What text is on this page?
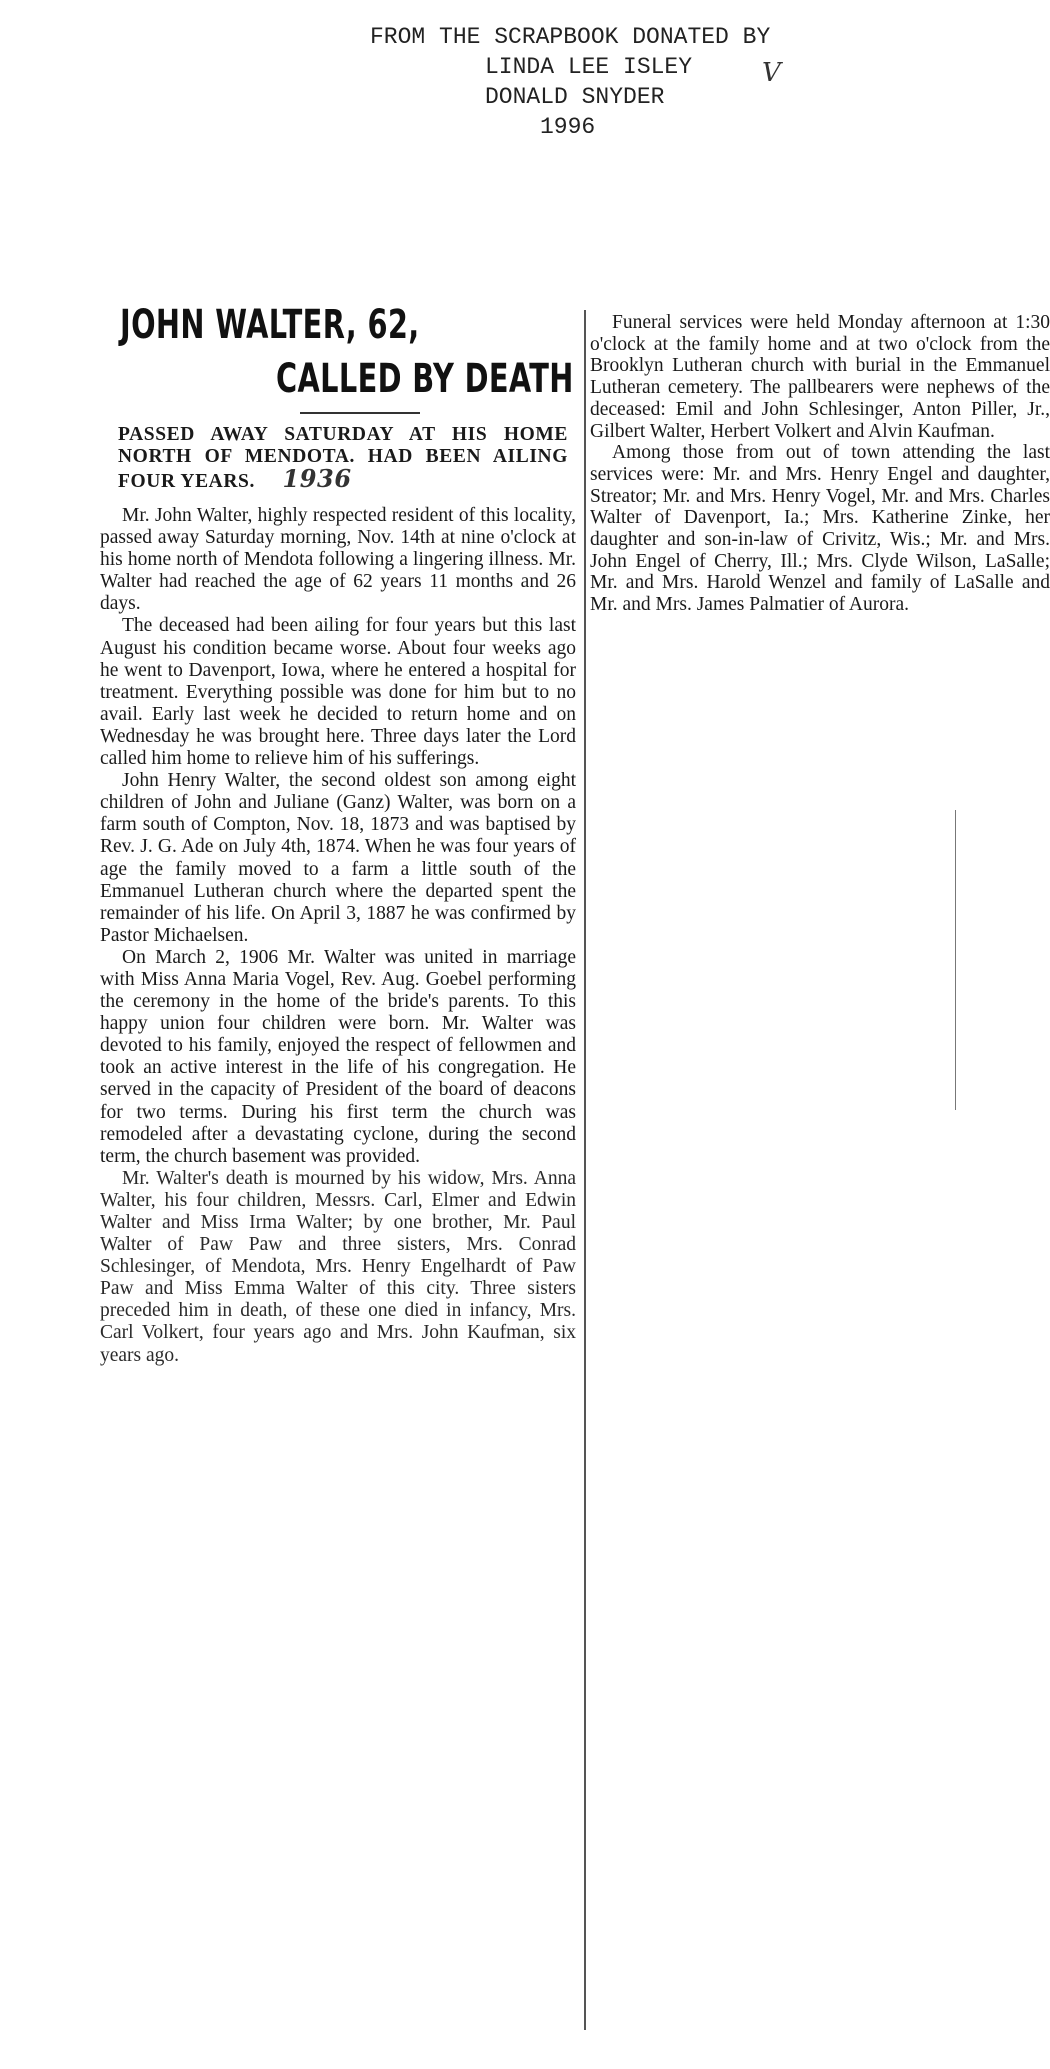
FROM THE SCRAPBOOK DONATED BY
LINDA LEE ISLEY
DONALD SNYDER
1996
V
JOHN WALTER, 62,
CALLED BY DEATH
PASSED AWAY SATURDAY AT HIS HOME NORTH OF MENDOTA. HAD BEEN AILING FOUR YEARS. 1936

Mr. John Walter, highly respected resident of this locality, passed away Saturday morning, Nov. 14th at nine o'clock at his home north of Mendota following a lingering illness. Mr. Walter had reached the age of 62 years 11 months and 26 days.

The deceased had been ailing for four years but this last August his condition became worse. About four weeks ago he went to Davenport, Iowa, where he entered a hospital for treatment. Everything possible was done for him but to no avail. Early last week he decided to return home and on Wednesday he was brought here. Three days later the Lord called him home to relieve him of his sufferings.

John Henry Walter, the second oldest son among eight children of John and Juliane (Ganz) Walter, was born on a farm south of Compton, Nov. 18, 1873 and was baptised by Rev. J. G. Ade on July 4th, 1874. When he was four years of age the family moved to a farm a little south of the Emmanuel Lutheran church where the departed spent the remainder of his life. On April 3, 1887 he was confirmed by Pastor Michaelsen.

On March 2, 1906 Mr. Walter was united in marriage with Miss Anna Maria Vogel, Rev. Aug. Goebel performing the ceremony in the home of the bride's parents. To this happy union four children were born. Mr. Walter was devoted to his family, enjoyed the respect of fellowmen and took an active interest in the life of his congregation. He served in the capacity of President of the board of deacons for two terms. During his first term the church was remodeled after a devastating cyclone, during the second term, the church basement was provided.

Mr. Walter's death is mourned by his widow, Mrs. Anna Walter, his four children, Messrs. Carl, Elmer and Edwin Walter and Miss Irma Walter; by one brother, Mr. Paul Walter of Paw Paw and three sisters, Mrs. Conrad Schlesinger, of Mendota, Mrs. Henry Engelhardt of Paw Paw and Miss Emma Walter of this city. Three sisters preceded him in death, of these one died in infancy, Mrs. Carl Volkert, four years ago and Mrs. John Kaufman, six years ago.

Funeral services were held Monday afternoon at 1:30 o'clock at the family home and at two o'clock from the Brooklyn Lutheran church with burial in the Emmanuel Lutheran cemetery. The pallbearers were nephews of the deceased: Emil and John Schlesinger, Anton Piller, Jr., Gilbert Walter, Herbert Volkert and Alvin Kaufman.

Among those from out of town attending the last services were: Mr. and Mrs. Henry Engel and daughter, Streator; Mr. and Mrs. Henry Vogel, Mr. and Mrs. Charles Walter of Davenport, Ia.; Mrs. Katherine Zinke, her daughter and son-in-law of Crivitz, Wis.; Mr. and Mrs. John Engel of Cherry, Ill.; Mrs. Clyde Wilson, LaSalle; Mr. and Mrs. Harold Wenzel and family of LaSalle and Mr. and Mrs. James Palmatier of Aurora.
